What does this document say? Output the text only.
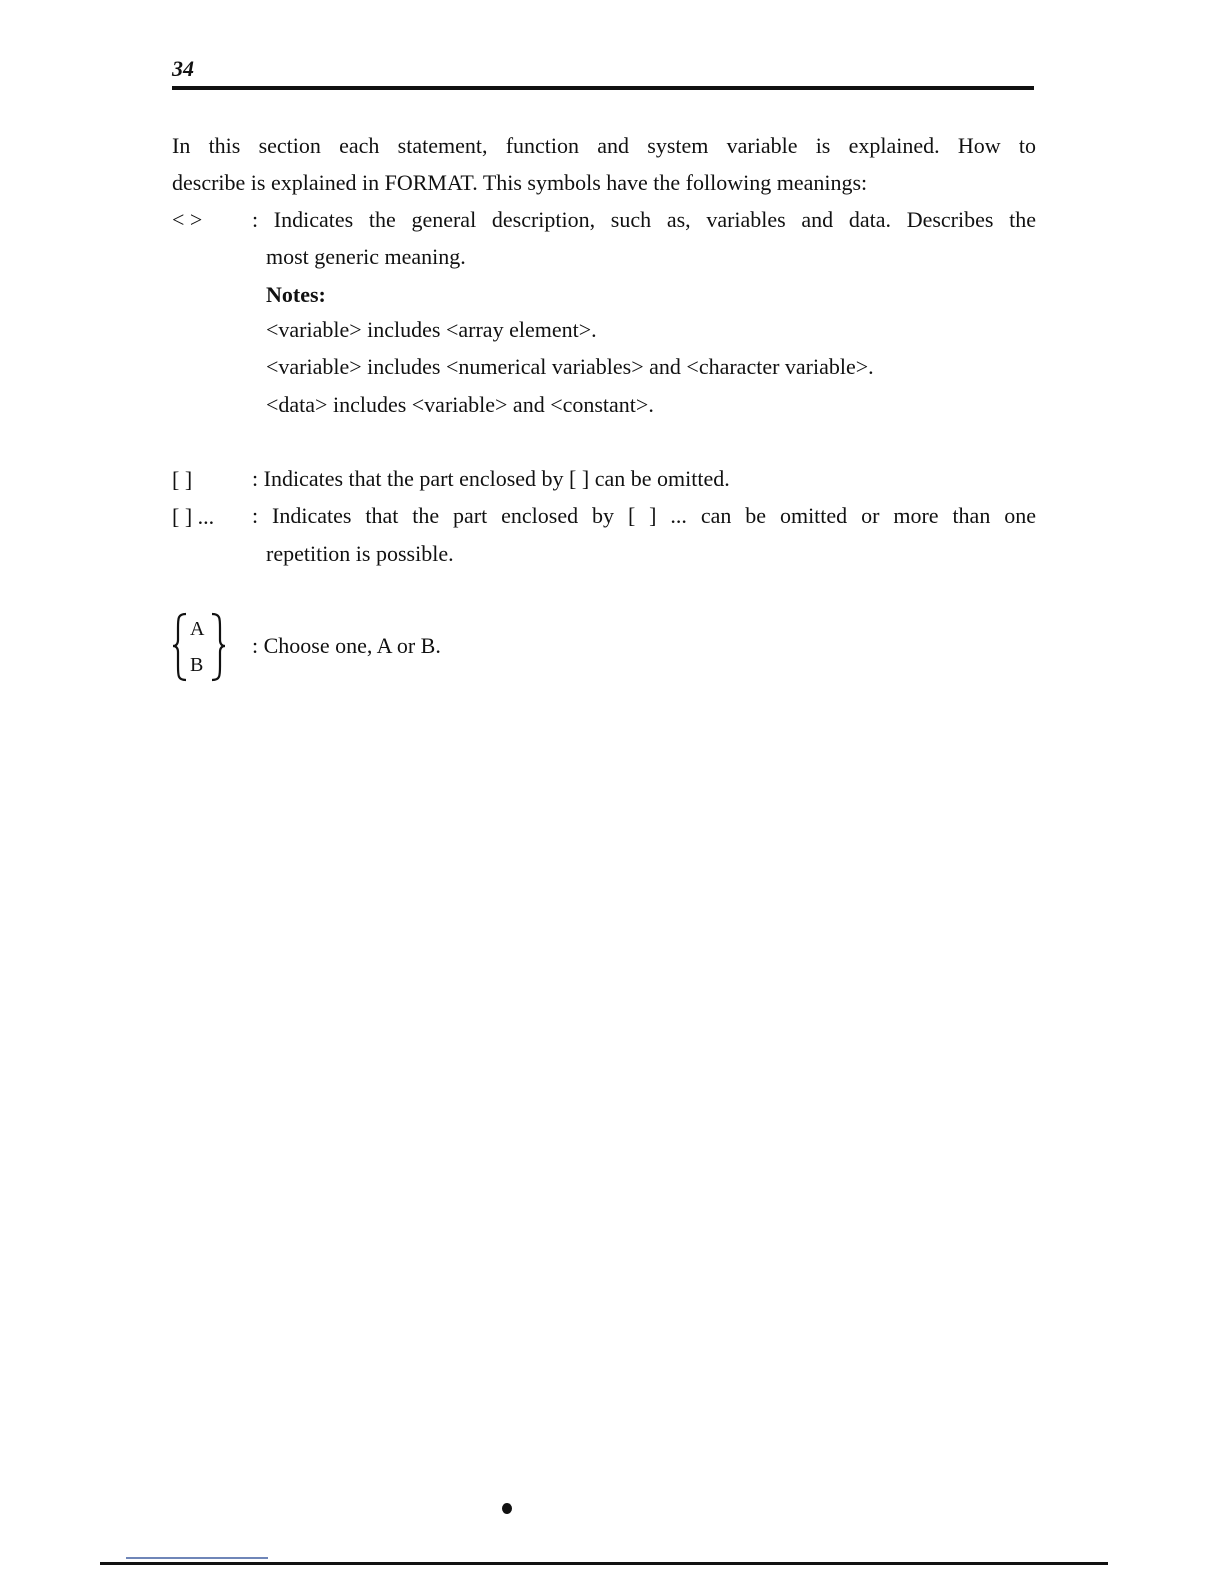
34
In this section each statement, function and system variable is explained. How to
describe is explained in FORMAT. This symbols have the following meanings:
< > : Indicates the general description, such as, variables and data. Describes the
most generic meaning.
Notes:
<variable> includes <array element>.
<variable> includes <numerical variables> and <character variable>.
<data> includes <variable> and <constant>.
[ ]	: Indicates that the part enclosed by [ ] can be omitted.
[ ] ... : Indicates that the part enclosed by [ ] ... can be omitted or more than one
repetition is possible.
A
B
: Choose one, A or B.
